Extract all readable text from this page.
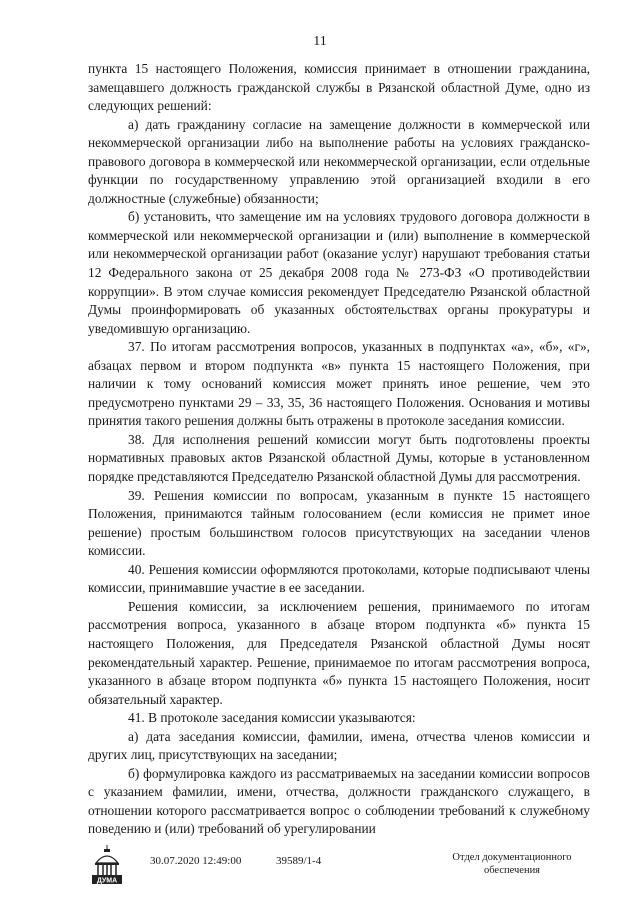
11

пункта 15 настоящего Положения, комиссия принимает в отношении гражданина, замещавшего должность гражданской службы в Рязанской областной Думе, одно из следующих решений:

а) дать гражданину согласие на замещение должности в коммерческой или некоммерческой организации либо на выполнение работы на условиях гражданско-правового договора в коммерческой или некоммерческой организации, если отдельные функции по государственному управлению этой организацией входили в его должностные (служебные) обязанности;

б) установить, что замещение им на условиях трудового договора должности в коммерческой или некоммерческой организации и (или) выполнение в коммерческой или некоммерческой организации работ (оказание услуг) нарушают требования статьи 12 Федерального закона от 25 декабря 2008 года № 273-ФЗ «О противодействии коррупции». В этом случае комиссия рекомендует Председателю Рязанской областной Думы проинформировать об указанных обстоятельствах органы прокуратуры и уведомившую организацию.

37. По итогам рассмотрения вопросов, указанных в подпунктах «а», «б», «г», абзацах первом и втором подпункта «в» пункта 15 настоящего Положения, при наличии к тому оснований комиссия может принять иное решение, чем это предусмотрено пунктами 29 – 33, 35, 36 настоящего Положения. Основания и мотивы принятия такого решения должны быть отражены в протоколе заседания комиссии.

38. Для исполнения решений комиссии могут быть подготовлены проекты нормативных правовых актов Рязанской областной Думы, которые в установленном порядке представляются Председателю Рязанской областной Думы для рассмотрения.

39. Решения комиссии по вопросам, указанным в пункте 15 настоящего Положения, принимаются тайным голосованием (если комиссия не примет иное решение) простым большинством голосов присутствующих на заседании членов комиссии.

40. Решения комиссии оформляются протоколами, которые подписывают члены комиссии, принимавшие участие в ее заседании.

Решения комиссии, за исключением решения, принимаемого по итогам рассмотрения вопроса, указанного в абзаце втором подпункта «б» пункта 15 настоящего Положения, для Председателя Рязанской областной Думы носят рекомендательный характер. Решение, принимаемое по итогам рассмотрения вопроса, указанного в абзаце втором подпункта «б» пункта 15 настоящего Положения, носит обязательный характер.

41. В протоколе заседания комиссии указываются:

а) дата заседания комиссии, фамилии, имена, отчества членов комиссии и других лиц, присутствующих на заседании;

б) формулировка каждого из рассматриваемых на заседании комиссии вопросов с указанием фамилии, имени, отчества, должности гражданского служащего, в отношении которого рассматривается вопрос о соблюдении требований к служебному поведению и (или) требований об урегулировании

ДУМА
30.07.2020 12:49:00	39589/1-4	Отдел документационного
обеспечения
